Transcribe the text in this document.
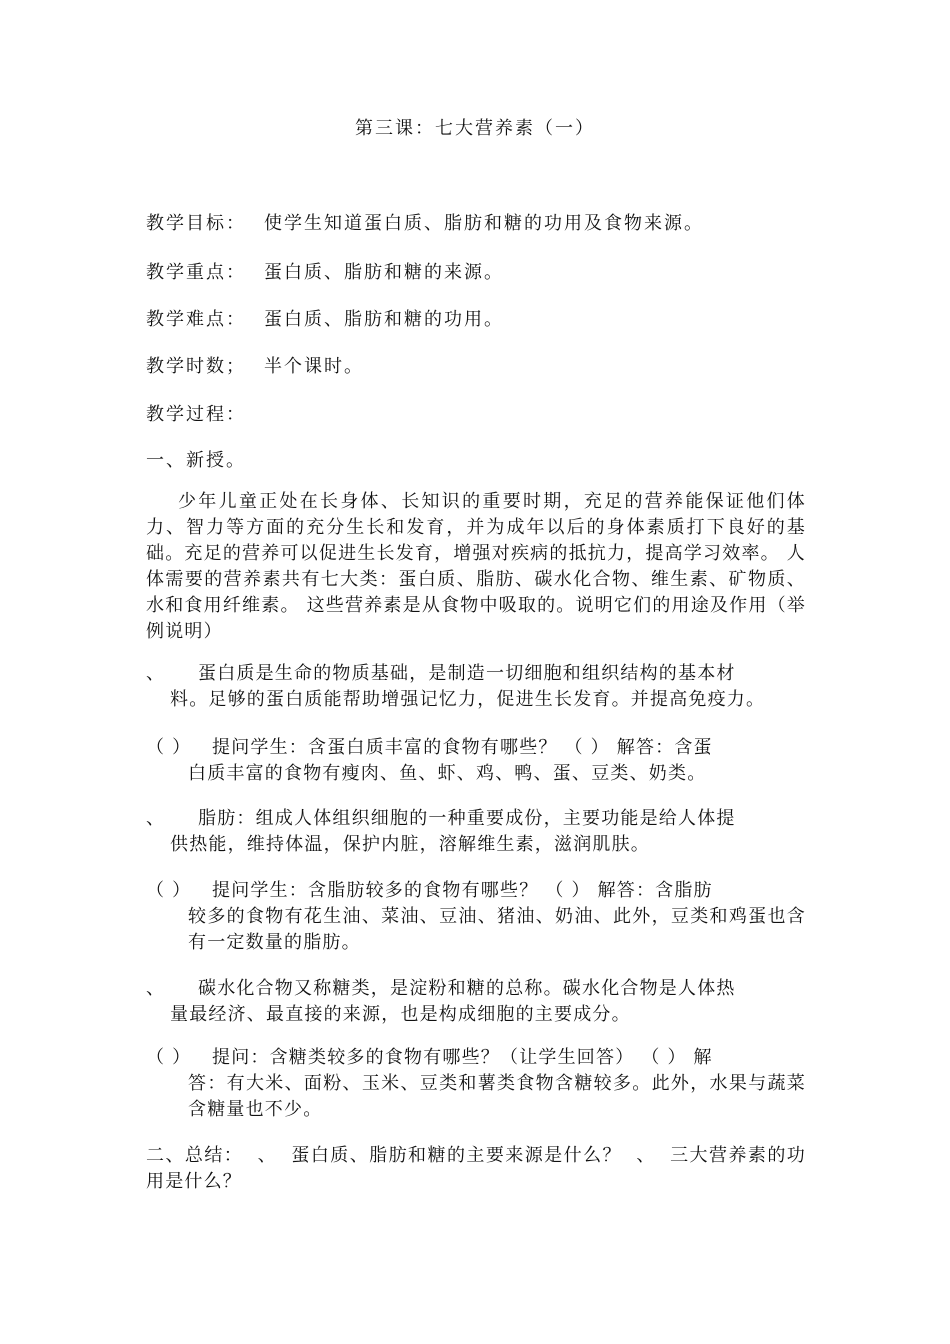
第三课：七大营养素（一）
教学目标： 使学生知道蛋白质、脂肪和糖的功用及食物来源。
教学重点： 蛋白质、脂肪和糖的来源。
教学难点： 蛋白质、脂肪和糖的功用。
教学时数； 半个课时。
教学过程：
一、新授。
少年儿童正处在长身体、长知识的重要时期，充足的营养能保证他们体力、智力等方面的充分生长和发育，并为成年以后的身体素质打下良好的基础。充足的营养可以促进生长发育，增强对疾病的抵抗力，提高学习效率。 人体需要的营养素共有七大类：蛋白质、脂肪、碳水化合物、维生素、矿物质、水和食用纤维素。 这些营养素是从食物中吸取的。说明它们的用途及作用（举例说明）
、 蛋白质是生命的物质基础，是制造一切细胞和组织结构的基本材
料。足够的蛋白质能帮助增强记忆力，促进生长发育。并提高免疫力。
（ ） 提问学生：含蛋白质丰富的食物有哪些？ （ ） 解答：含蛋
白质丰富的食物有瘦肉、鱼、虾、鸡、鸭、蛋、豆类、奶类。
、 脂肪：组成人体组织细胞的一种重要成份，主要功能是给人体提
供热能，维持体温，保护内脏，溶解维生素，滋润肌肤。
（ ） 提问学生：含脂肪较多的食物有哪些？ （ ） 解答：含脂肪
较多的食物有花生油、菜油、豆油、猪油、奶油、此外，豆类和鸡蛋也含有一定数量的脂肪。
、 碳水化合物又称糖类，是淀粉和糖的总称。碳水化合物是人体热
量最经济、最直接的来源，也是构成细胞的主要成分。
（ ） 提问：含糖类较多的食物有哪些？（让学生回答） （ ） 解
答：有大米、面粉、玉米、豆类和薯类食物含糖较多。此外，水果与蔬菜含糖量也不少。
二、总结：  、  蛋白质、脂肪和糖的主要来源是什么？  、  三大营养素的功用是什么？
